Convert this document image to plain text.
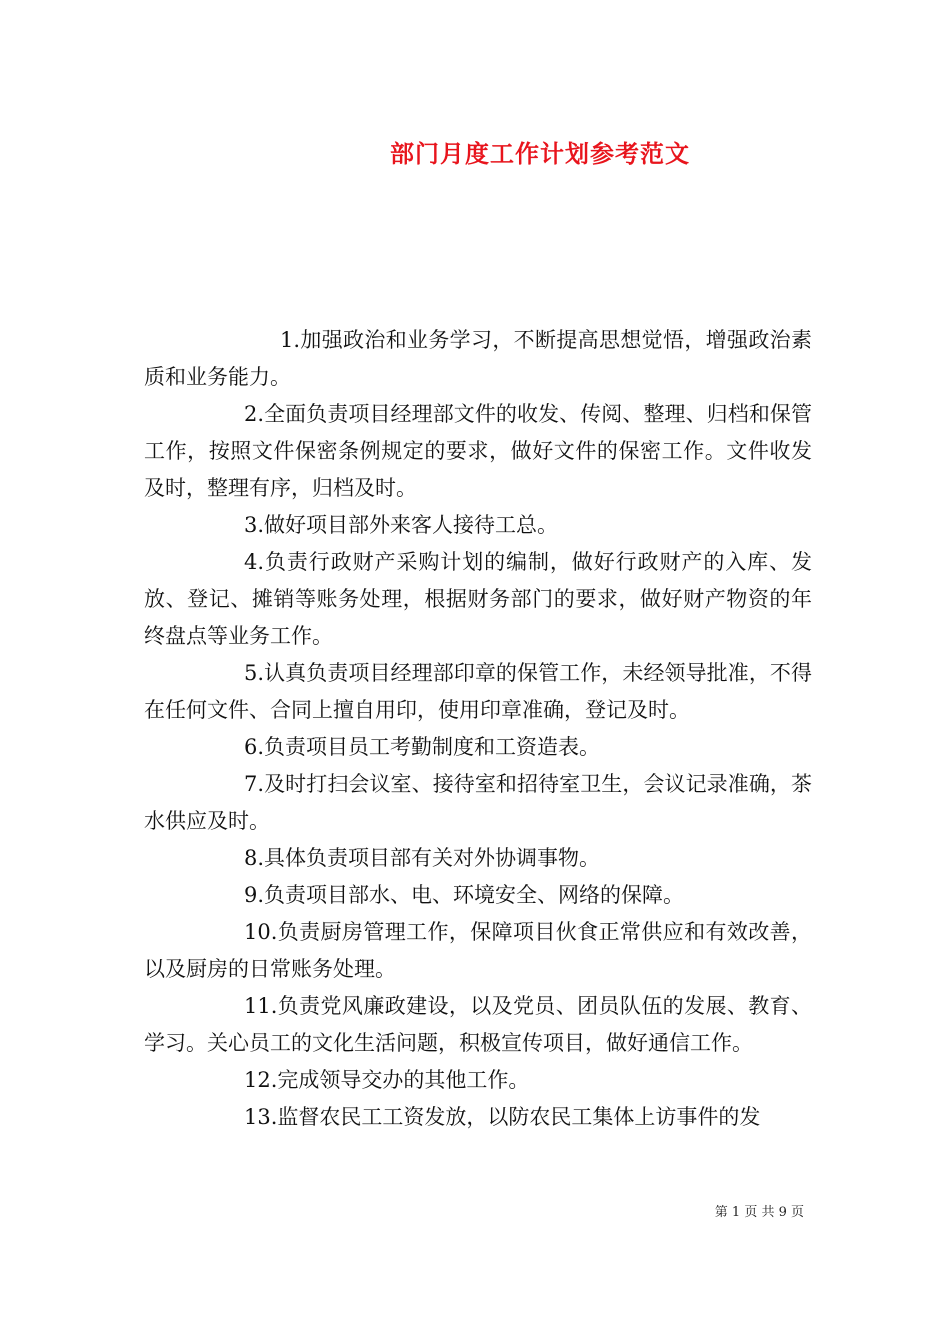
部门月度工作计划参考范文

1.加强政治和业务学习，不断提高思想觉悟，增强政治素质和业务能力。

2.全面负责项目经理部文件的收发、传阅、整理、归档和保管工作，按照文件保密条例规定的要求，做好文件的保密工作。文件收发及时，整理有序，归档及时。

3.做好项目部外来客人接待工总。

4.负责行政财产采购计划的编制，做好行政财产的入库、发放、登记、摊销等账务处理，根据财务部门的要求，做好财产物资的年终盘点等业务工作。

5.认真负责项目经理部印章的保管工作，未经领导批准，不得在任何文件、合同上擅自用印，使用印章准确，登记及时。

6.负责项目员工考勤制度和工资造表。

7.及时打扫会议室、接待室和招待室卫生，会议记录准确，茶水供应及时。

8.具体负责项目部有关对外协调事物。

9.负责项目部水、电、环境安全、网络的保障。

10.负责厨房管理工作，保障项目伙食正常供应和有效改善，以及厨房的日常账务处理。

11.负责党风廉政建设，以及党员、团员队伍的发展、教育、学习。关心员工的文化生活问题，积极宣传项目，做好通信工作。

12.完成领导交办的其他工作。

13.监督农民工工资发放，以防农民工集体上访事件的发

第 1 页 共 9 页
